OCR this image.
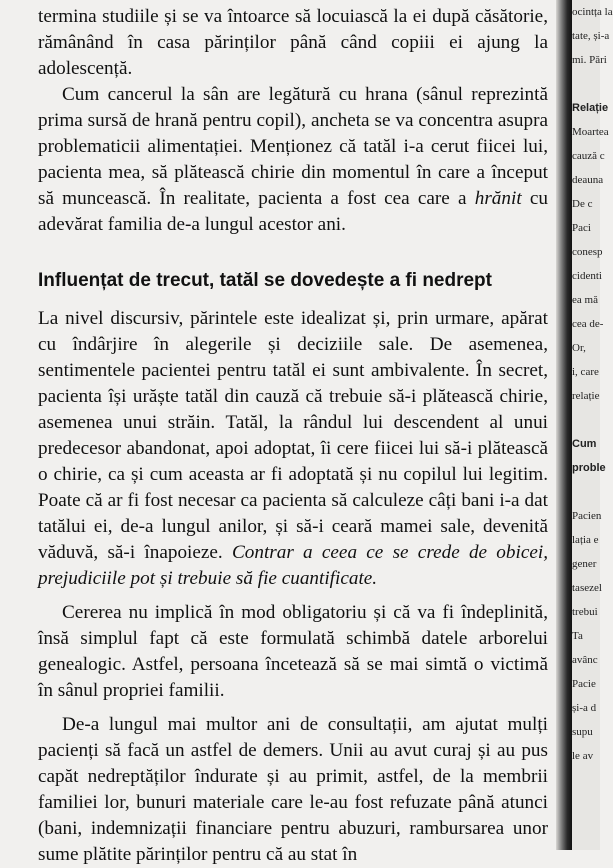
termina studiile și se va întoarce să locuiască la ei după căsătorie, rămânând în casa părinților până când copiii ei ajung la adolescență.

Cum cancerul la sân are legătură cu hrana (sânul reprezintă prima sursă de hrană pentru copil), ancheta se va concentra asupra problematicii alimentației. Menționez că tatăl i-a cerut fiicei lui, pacienta mea, să plătească chirie din momentul în care a început să muncească. În realitate, pacienta a fost cea care a hrănit cu adevărat familia de-a lungul acestor ani.

Influențat de trecut, tatăl se dovedește a fi nedrept

La nivel discursiv, părintele este idealizat și, prin urmare, apărat cu îndârjire în alegerile și deciziile sale. De asemenea, sentimentele pacientei pentru tatăl ei sunt ambivalente. În secret, pacienta își urăște tatăl din cauză că trebuie să-i plătească chirie, asemenea unui străin. Tatăl, la rândul lui descendent al unui predecesor abandonat, apoi adoptat, îi cere fiicei lui să-i plătească o chirie, ca și cum aceasta ar fi adoptată și nu copilul lui legitim. Poate că ar fi fost necesar ca pacienta să calculeze câți bani i-a dat tatălui ei, de-a lungul anilor, și să-i ceară mamei sale, devenită văduvă, să-i înapoieze. Contrar a ceea ce se crede de obicei, prejudiciile pot și trebuie să fie cuantificate.

Cererea nu implică în mod obligatoriu și că va fi îndeplinită, însă simplul fapt că este formulată schimbă datele arborelui genealogic. Astfel, persoana încetează să se mai simtă o victimă în sânul propriei familii.

De-a lungul mai multor ani de consultații, am ajutat mulți pacienți să facă un astfel de demers. Unii au avut curaj și au pus capăt nedreptăților îndurate și au primit, astfel, de la membrii familiei lor, bunuri materiale care le-au fost refuzate până atunci (bani, indemnizații financiare pentru abuzuri, rambursarea unor sume plătite părinților pentru că au stat în

ocintța la
tate, și-a
mi. Pări

Relație
Moartea
cauză c
deauna
De c
Paci
conesp
cidenti
ea mă
cea de-
Or,
i, care
relație

Cum
proble

Pacien
lația e
gener
tasezel
trebui
Ta
avânc
Pacie
și-a d
supu
le av
